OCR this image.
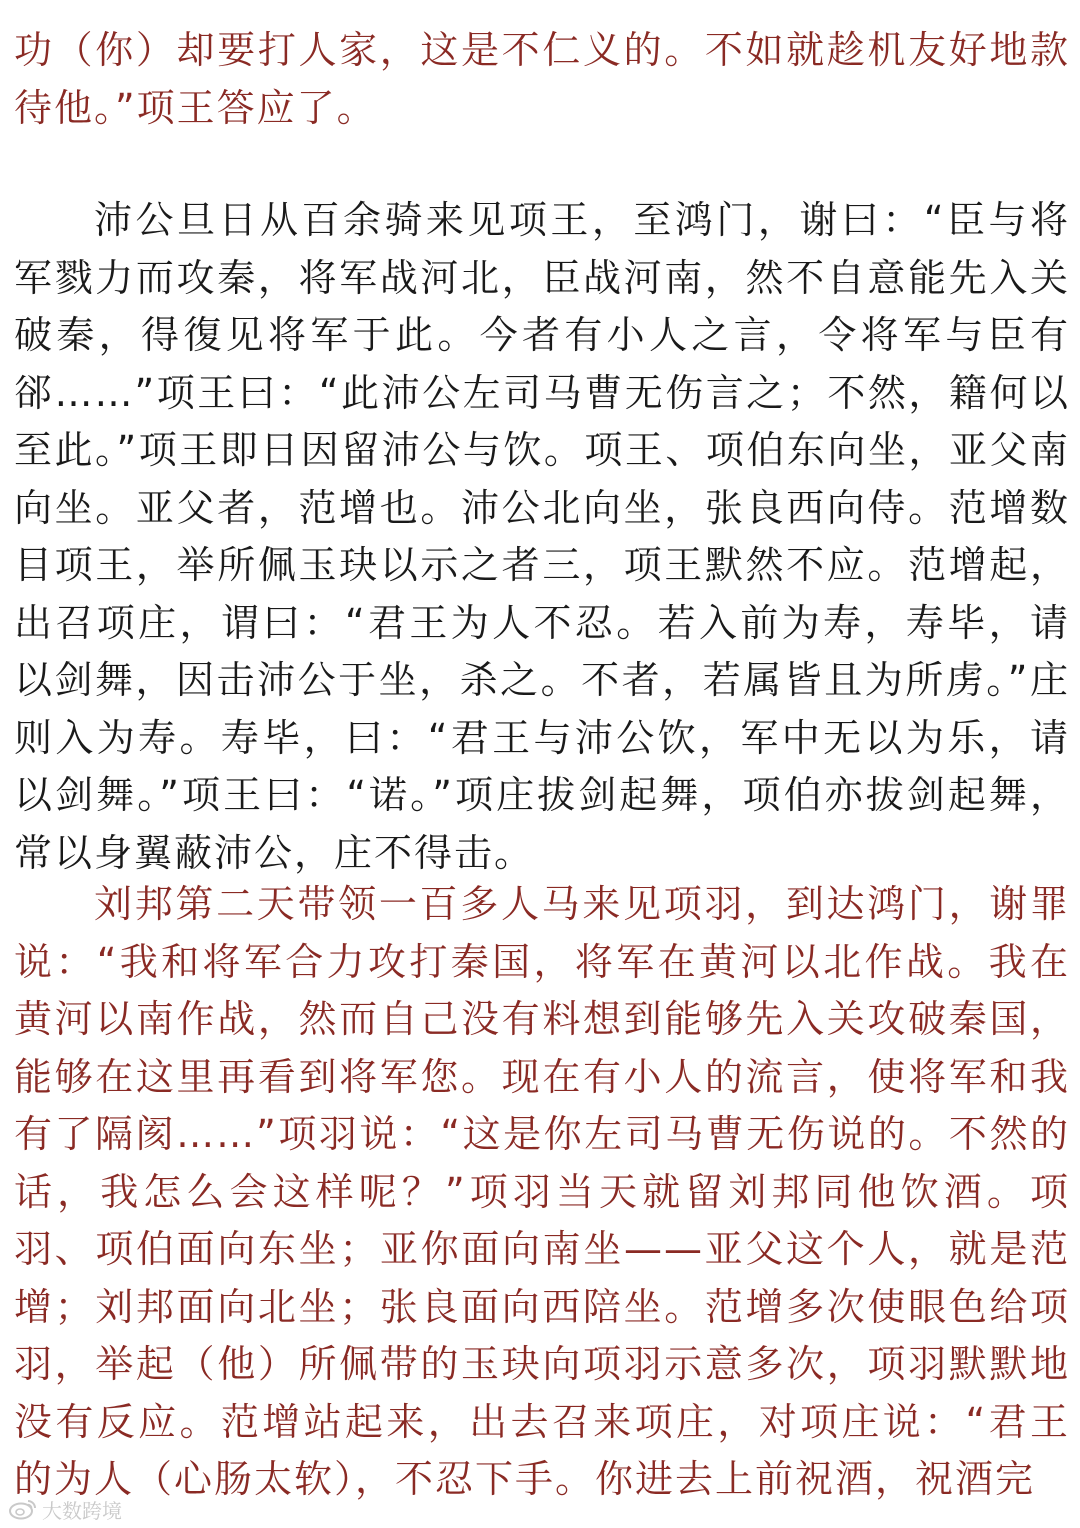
功（你）却要打人家，这是不仁义的。不如就趁机友好地款待他。”项王答应了。

沛公旦日从百余骑来见项王，至鸿门，谢曰：“臣与将军戮力而攻秦，将军战河北，臣战河南，然不自意能先入关破秦，得復见将军于此。今者有小人之言，令将军与臣有郤……”项王曰：“此沛公左司马曹无伤言之；不然，籍何以至此。”项王即日因留沛公与饮。项王、项伯东向坐，亚父南向坐。亚父者，范增也。沛公北向坐，张良西向侍。范增数目项王，举所佩玉玦以示之者三，项王默然不应。范增起，出召项庄，谓曰：“君王为人不忍。若入前为寿，寿毕，请以剑舞，因击沛公于坐，杀之。不者，若属皆且为所虏。”庄则入为寿。寿毕，曰：“君王与沛公饮，军中无以为乐，请以剑舞。”项王曰：“诺。”项庄拔剑起舞，项伯亦拔剑起舞，常以身翼蔽沛公，庄不得击。

刘邦第二天带领一百多人马来见项羽，到达鸿门，谢罪说：“我和将军合力攻打秦国，将军在黄河以北作战。我在黄河以南作战，然而自己没有料想到能够先入关攻破秦国，能够在这里再看到将军您。现在有小人的流言，使将军和我有了隔阂……”项羽说：“这是你左司马曹无伤说的。不然的话，我怎么会这样呢？”项羽当天就留刘邦同他饮酒。项羽、项伯面向东坐；亚你面向南坐——亚父这个人，就是范增；刘邦面向北坐；张良面向西陪坐。范增多次使眼色给项羽，举起（他）所佩带的玉玦向项羽示意多次，项羽默默地没有反应。范增站起来，出去召来项庄，对项庄说：“君王的为人（心肠太软），不忍下手。你进去上前祝酒，祝酒完

大数跨境
